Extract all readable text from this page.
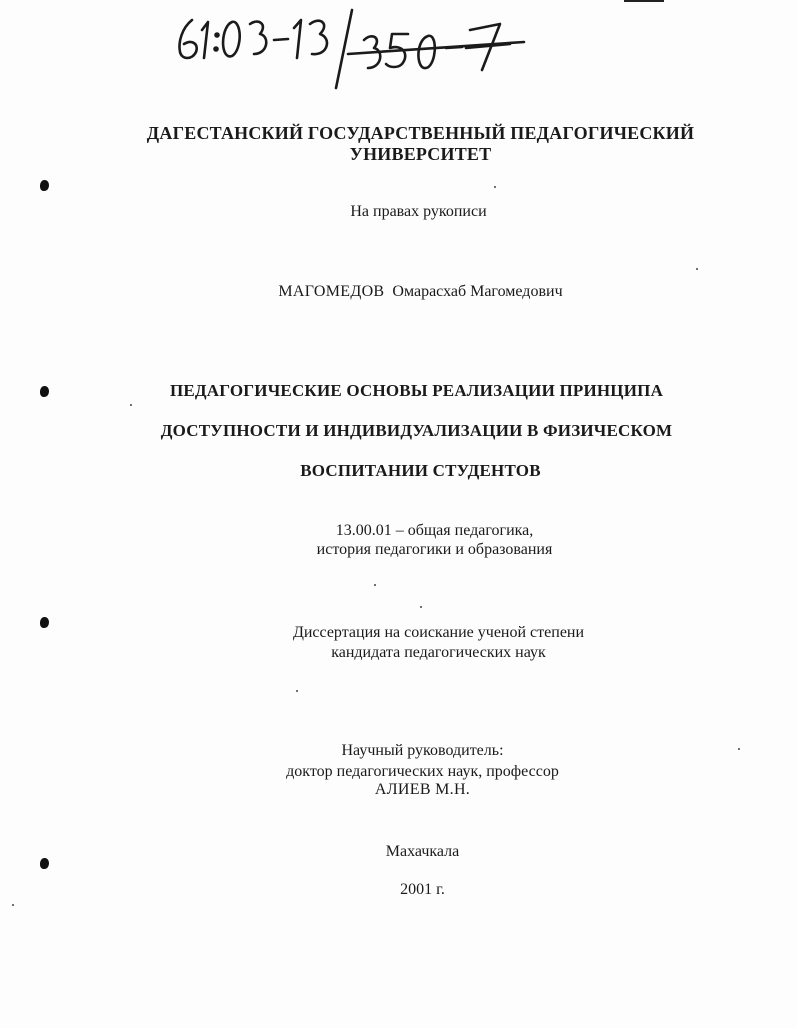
ДАГЕСТАНСКИЙ ГОСУДАРСТВЕННЫЙ ПЕДАГОГИЧЕСКИЙ
УНИВЕРСИТЕТ
На правах рукописи
МАГОМЕДОВ Омарасхаб Магомедович
ПЕДАГОГИЧЕСКИЕ ОСНОВЫ РЕАЛИЗАЦИИ ПРИНЦИПА
ДОСТУПНОСТИ И ИНДИВИДУАЛИЗАЦИИ В ФИЗИЧЕСКОМ
ВОСПИТАНИИ СТУДЕНТОВ
13.00.01 – общая педагогика,
история педагогики и образования
Диссертация на соискание ученой степени
кандидата педагогических наук
Научный руководитель:
доктор педагогических наук, профессор
АЛИЕВ М.Н.
Махачкала
2001 г.
